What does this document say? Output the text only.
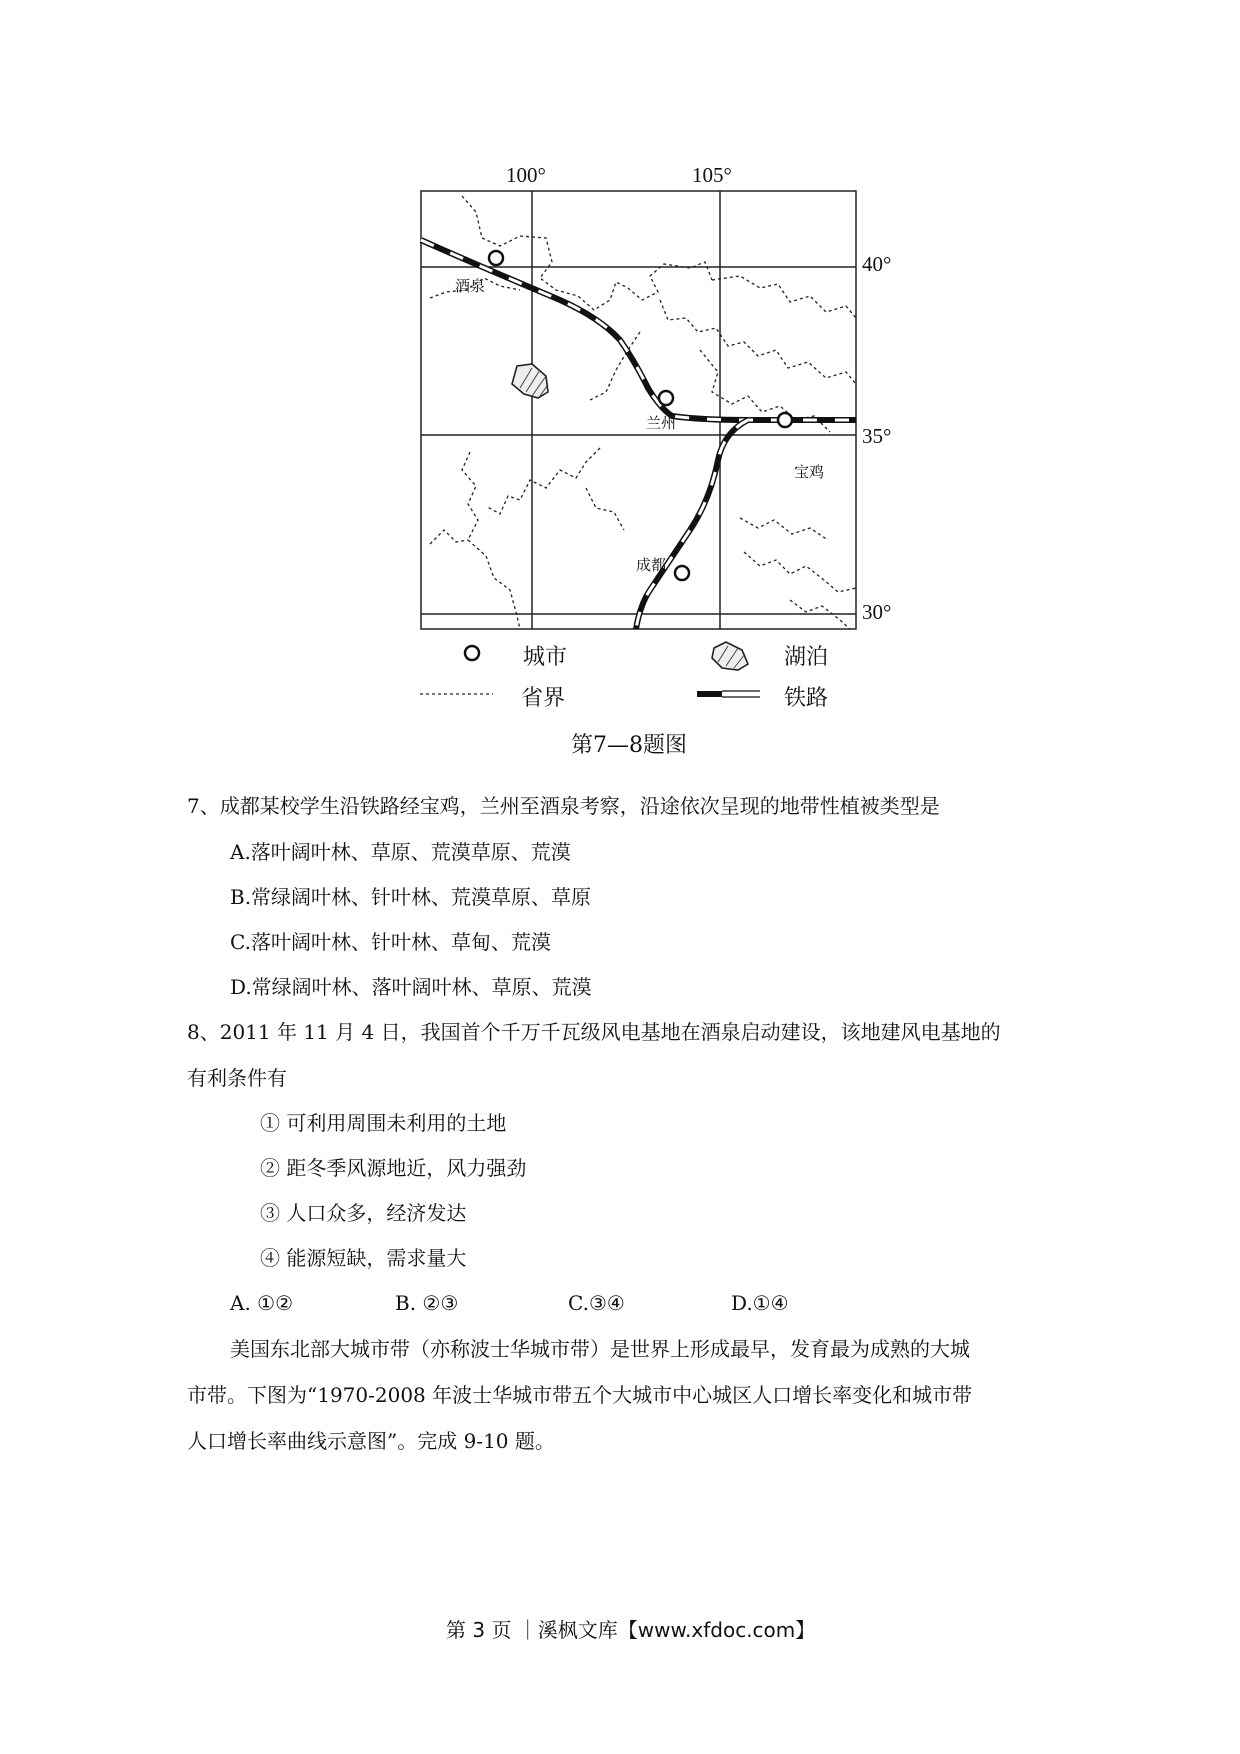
100°	105°
40°
35°
30°
酒泉
兰州
宝鸡
成都
城市	湖泊
省界	铁路
第7—8题图
7、成都某校学生沿铁路经宝鸡，兰州至酒泉考察，沿途依次呈现的地带性植被类型是
A.落叶阔叶林、草原、荒漠草原、荒漠
B.常绿阔叶林、针叶林、荒漠草原、草原
C.落叶阔叶林、针叶林、草甸、荒漠
D.常绿阔叶林、落叶阔叶林、草原、荒漠
8、2011 年 11 月 4 日，我国首个千万千瓦级风电基地在酒泉启动建设，该地建风电基地的
有利条件有
① 可利用周围未利用的土地
② 距冬季风源地近，风力强劲
③ 人口众多，经济发达
④ 能源短缺，需求量大
A. ①②	B. ②③	C.③④	D.①④
美国东北部大城市带（亦称波士华城市带）是世界上形成最早，发育最为成熟的大城
市带。下图为“1970-2008 年波士华城市带五个大城市中心城区人口增长率变化和城市带
人口增长率曲线示意图”。完成 9-10 题。
第 3 页 ｜溪枫文库【www.xfdoc.com】
